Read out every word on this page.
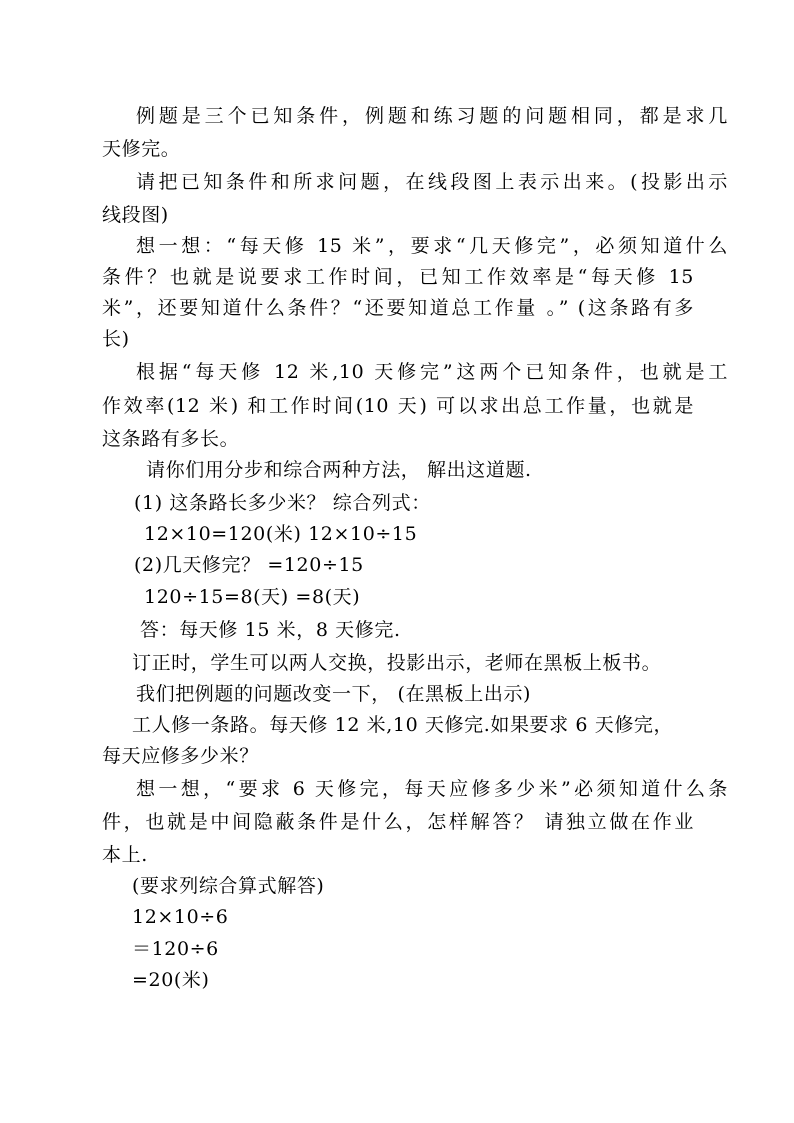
例题是三个已知条件，例题和练习题的问题相同，都是求几
天修完。
请把已知条件和所求问题，在线段图上表示出来。(投影出示
线段图)
想一想：“每天修 15 米”，要求“几天修完”，必须知道什么
条件？也就是说要求工作时间，已知工作效率是“每天修 15
米”，还要知道什么条件？“还要知道总工作量 。” (这条路有多
长)
根据“每天修 12 米,10 天修完”这两个已知条件，也就是工
作效率(12 米) 和工作时间(10 天) 可以求出总工作量，也就是
这条路有多长。
请你们用分步和综合两种方法， 解出这道题.
(1) 这条路长多少米？ 综合列式：
12×10=120(米) 12×10÷15
(2)几天修完？ =120÷15
120÷15=8(天) =8(天)
答：每天修 15 米，8 天修完.
订正时，学生可以两人交换，投影出示，老师在黑板上板书。
我们把例题的问题改变一下， (在黑板上出示)
工人修一条路。每天修 12 米,10 天修完.如果要求 6 天修完，
每天应修多少米？
想一想，“要求 6 天修完，每天应修多少米”必须知道什么条
件，也就是中间隐蔽条件是什么，怎样解答？ 请独立做在作业
本上.
(要求列综合算式解答)
12×10÷6
＝120÷6
=20(米)
